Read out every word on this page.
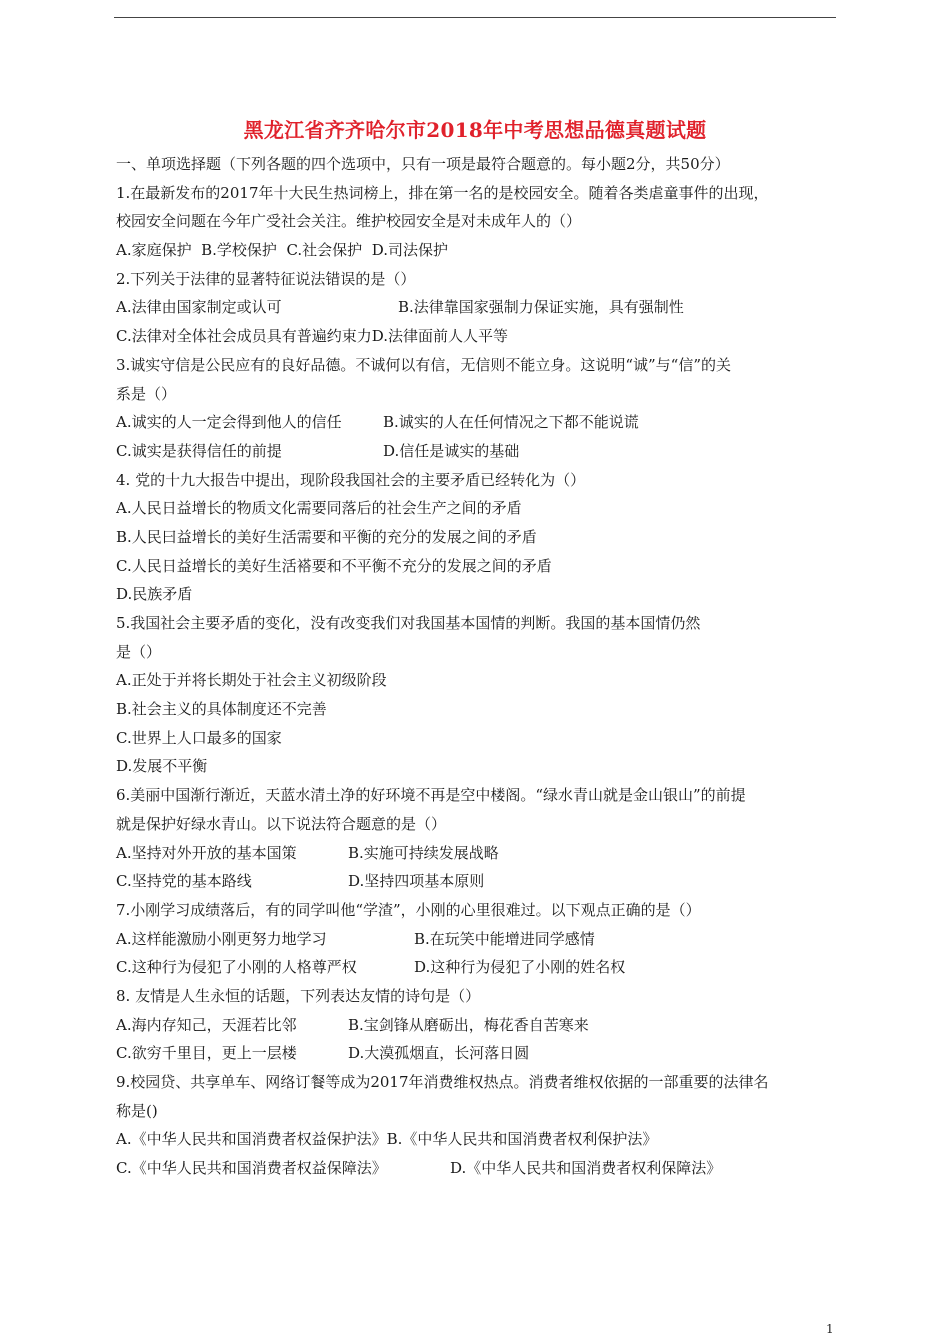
黑龙江省齐齐哈尔市2018年中考思想品德真题试题
一、单项选择题（下列各题的四个选项中，只有一项是最符合题意的。每小题2分，共50分）
1.在最新发布的2017年十大民生热词榜上，排在第一名的是校园安全。随着各类虐童事件的出现，
校园安全问题在今年广受社会关注。维护校园安全是对未成年人的（）
A.家庭保护  B.学校保护  C.社会保护  D.司法保护
2.下列关于法律的显著特征说法错误的是（）
A.法律由国家制定或认可	B.法律靠国家强制力保证实施，具有强制性
C.法律对全体社会成员具有普遍约束力D.法律面前人人平等
3.诚实守信是公民应有的良好品德。不诚何以有信，无信则不能立身。这说明“诚”与“信”的关
系是（）
A.诚实的人一定会得到他人的信任	B.诚实的人在任何情况之下都不能说谎
C.诚实是获得信任的前提	D.信任是诚实的基础
4. 党的十九大报告中提出，现阶段我国社会的主要矛盾已经转化为（）
A.人民日益增长的物质文化需要同落后的社会生产之间的矛盾
B.人民曰益增长的美好生活需要和平衡的充分的发展之间的矛盾
C.人民日益增长的美好生活褡要和不平衡不充分的发展之间的矛盾
D.民族矛盾
5.我国社会主要矛盾的变化，没有改变我们对我国基本国情的判断。我国的基本国情仍然
是（）
A.正处于并将长期处于社会主义初级阶段
B.社会主义的具体制度还不完善
C.世界上人口最多的国家
D.发展不平衡
6.美丽中国渐行渐近，天蓝水清土净的好环境不再是空中楼阁。“绿水青山就是金山银山”的前提
就是保护好绿水青山。以下说法符合题意的是（）
A.坚持对外开放的基本国策	B.实施可持续发展战略
C.坚持党的基本路线	D.坚持四项基本原则
7.小刚学习成绩落后，有的同学叫他“学渣”，小刚的心里很难过。以下观点正确的是（）
A.这样能激励小刚更努力地学习	B.在玩笑中能增进同学感情
C.这种行为侵犯了小刚的人格尊严权	D.这种行为侵犯了小刚的姓名权
8. 友情是人生永恒的话题，下列表达友情的诗句是（）
A.海内存知己，天涯若比邻	B.宝剑锋从磨砺出，梅花香自苦寒来
C.欲穷千里目，更上一层楼	D.大漠孤烟直，长河落日圆
9.校园贷、共享单车、网络订餐等成为2017年消费维权热点。消费者维权依据的一部重要的法律名
称是()
A.《中华人民共和国消费者权益保护法》B.《中华人民共和国消费者权利保护法》
C.《中华人民共和国消费者权益保障法》	D.《中华人民共和国消费者权利保障法》
1
